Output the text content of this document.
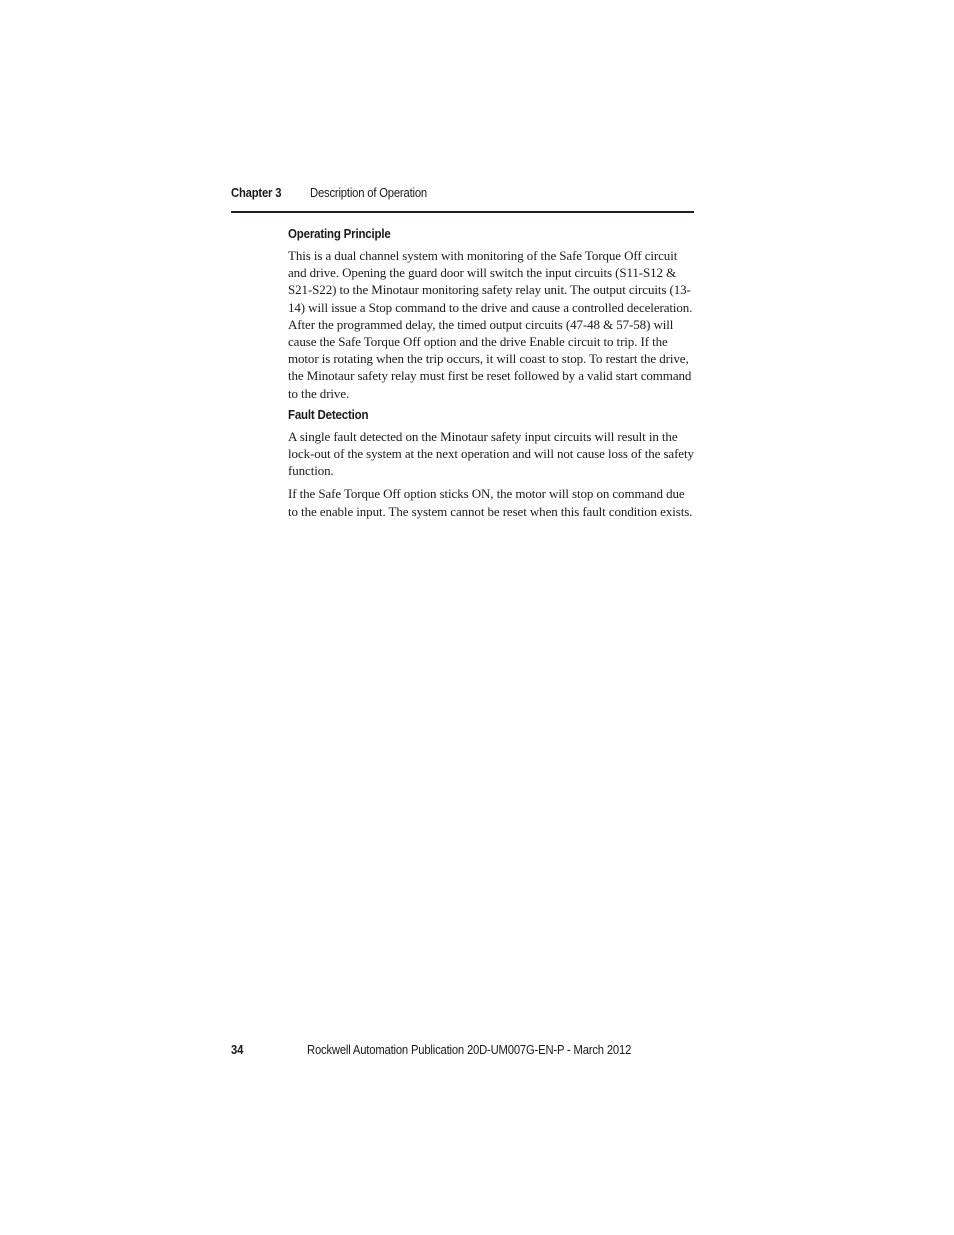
Chapter 3 Description of Operation
Operating Principle

This is a dual channel system with monitoring of the Safe Torque Off circuit and drive. Opening the guard door will switch the input circuits (S11-S12 & S21-S22) to the Minotaur monitoring safety relay unit. The output circuits (13-14) will issue a Stop command to the drive and cause a controlled deceleration. After the programmed delay, the timed output circuits (47-48 & 57-58) will cause the Safe Torque Off option and the drive Enable circuit to trip. If the motor is rotating when the trip occurs, it will coast to stop. To restart the drive, the Minotaur safety relay must first be reset followed by a valid start command to the drive.

Fault Detection

A single fault detected on the Minotaur safety input circuits will result in the lock-out of the system at the next operation and will not cause loss of the safety function.

If the Safe Torque Off option sticks ON, the motor will stop on command due to the enable input. The system cannot be reset when this fault condition exists.

34	Rockwell Automation Publication 20D-UM007G-EN-P - March 2012
